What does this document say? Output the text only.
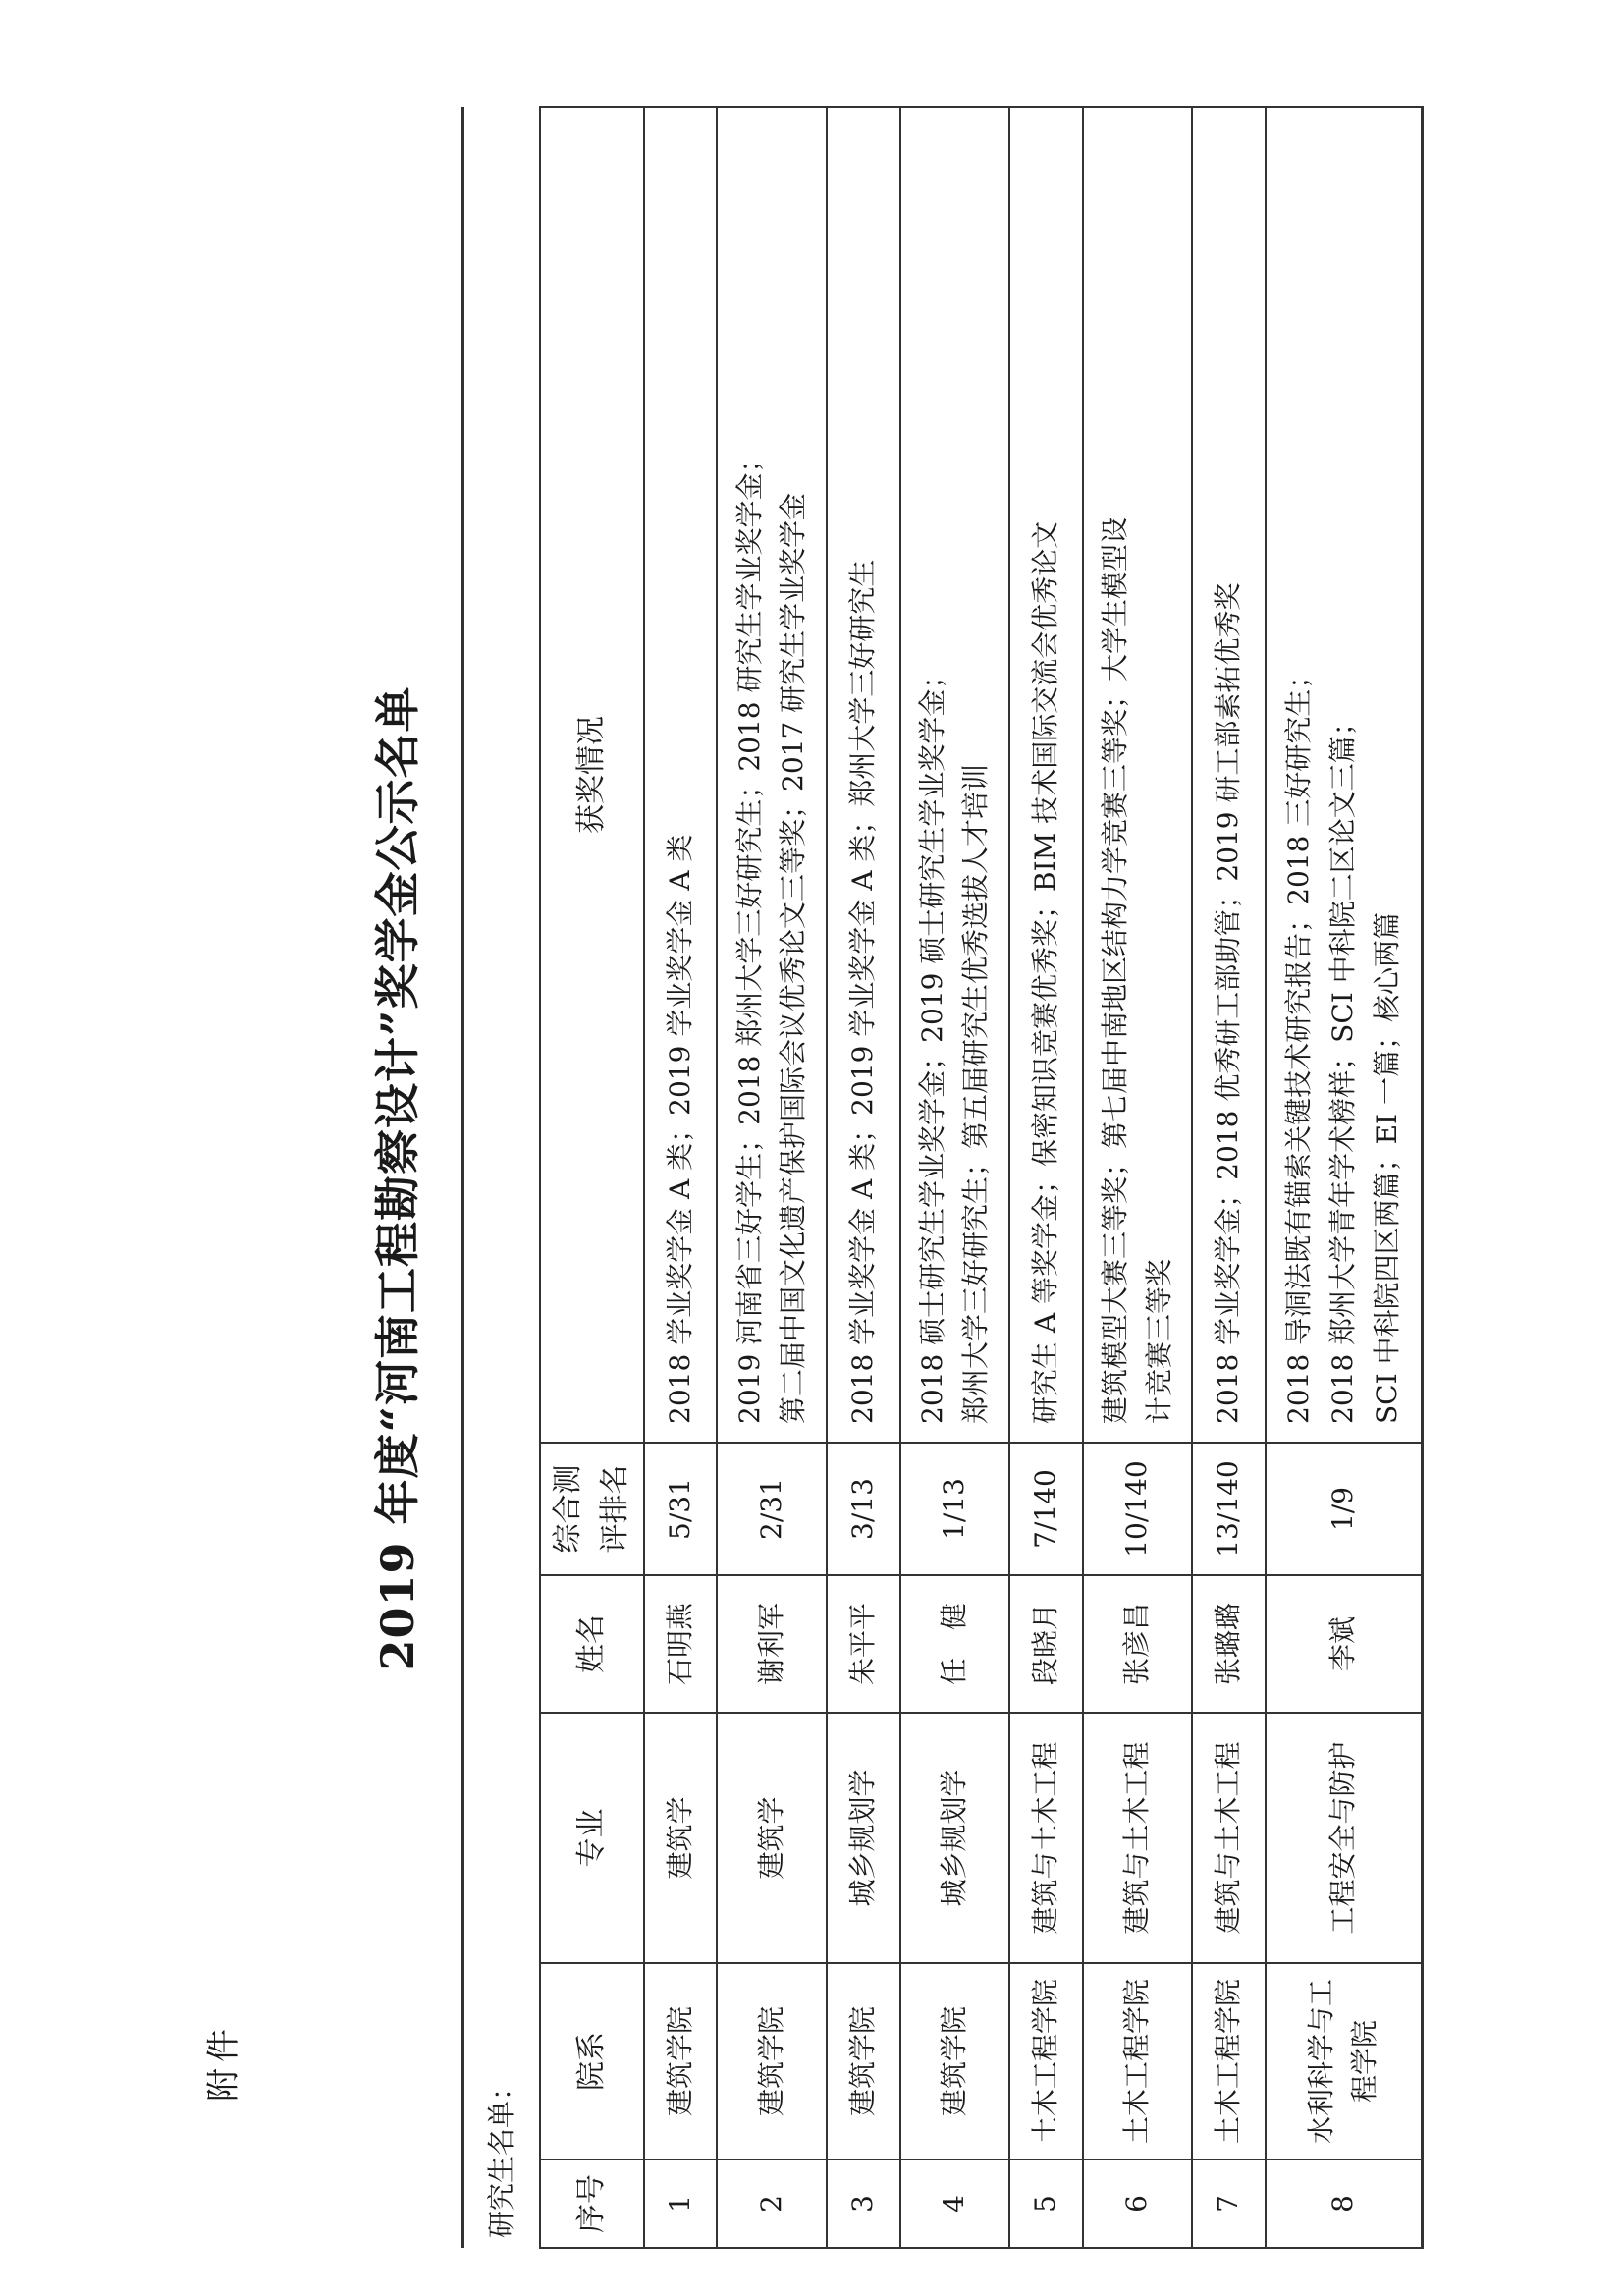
附件
2019 年度“河南工程勘察设计”奖学金公示名单
研究生名单：					
序号	院系	专业	姓名	综合测评排名	获奖情况
1	建筑学院	建筑学	石明燕	5/31	2018 学业奖学金 A 类；2019 学业奖学金 A 类

2	建筑学院	建筑学	谢利军	2/31	2019 河南省三好学生；2018 郑州大学三好研究生；2018 研究生学业奖学金； 第二届中国文化遗产保护国际会议优秀论文三等奖；2017 研究生学业奖学金

3	建筑学院	城乡规划学	朱平平	3/13	2018 学业奖学金 A 类；2019 学业奖学金 A 类；郑州大学三好研究生

4	建筑学院	城乡规划学	任　健	1/13	2018 硕士研究生学业奖学金；2019 硕士研究生学业奖学金； 郑州大学三好研究生；第五届研究生优秀选拔人才培训

5	土木工程学院	建筑与土木工程	段晓月	7/140	研究生 A 等奖学金；保密知识竞赛优秀奖；BIM 技术国际交流会优秀论文

6	土木工程学院	建筑与土木工程	张彦昌	10/140	建筑模型大赛三等奖；第七届中南地区结构力学竞赛三等奖；大学生模型设 计竞赛三等奖

7	土木工程学院	建筑与土木工程	张璐璐	13/140	2018 学业奖学金；2018 优秀研工部助管；2019 研工部素拓优秀奖

8	水利科学与工程学院	工程安全与防护	李斌	1/9	2018 导洞法既有锚索关键技术研究报告；2018 三好研究生； 2018 郑州大学青年学术榜样；SCI 中科院二区论文三篇； SCI 中科院四区两篇；EI 一篇；核心两篇
